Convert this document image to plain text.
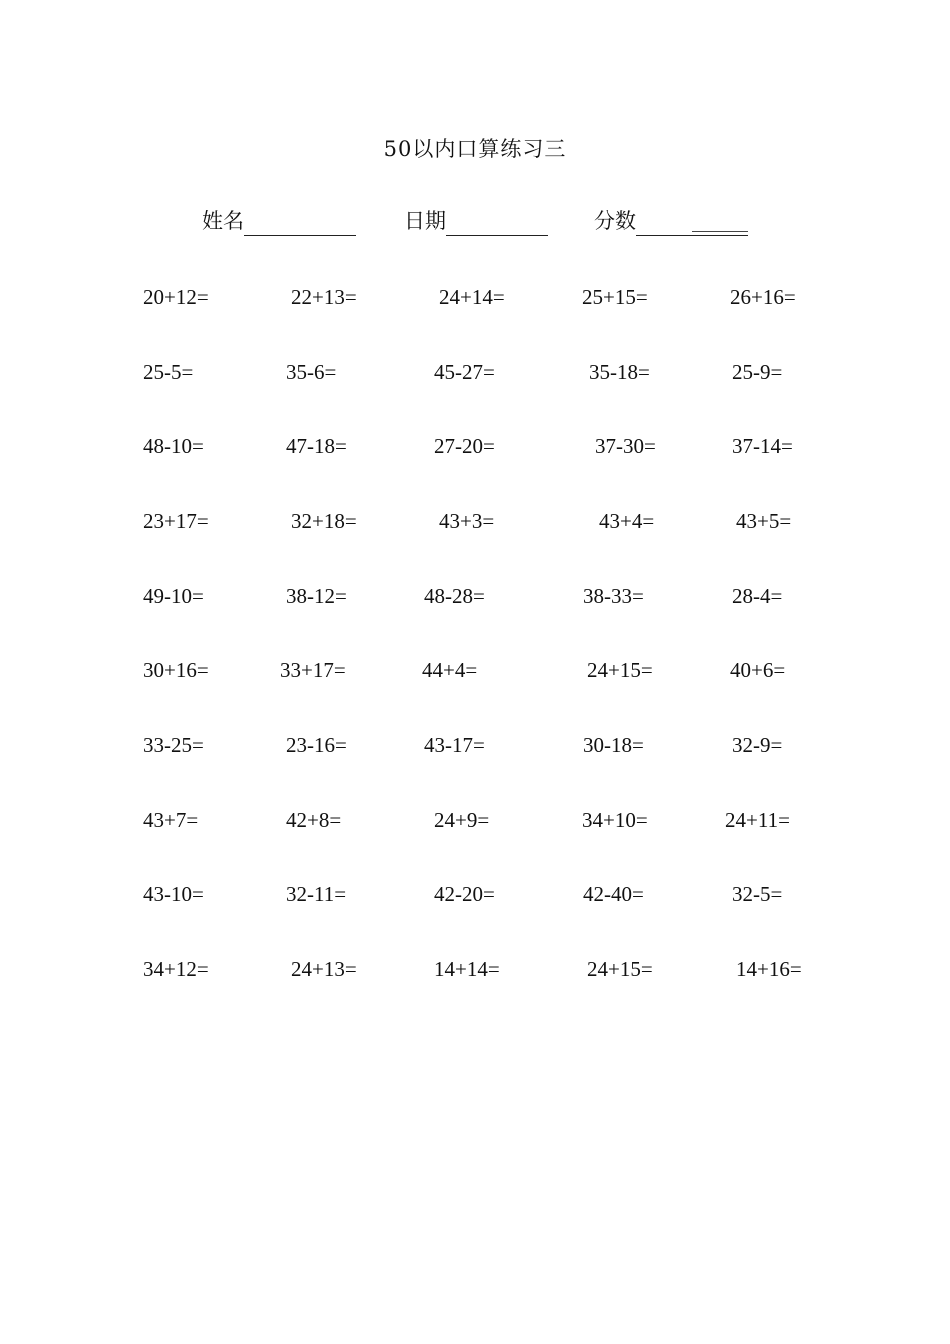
50以内口算练习三
姓名	日期	分数
20+12=	22+13=	24+14=	25+15=	26+16=
25-5=	35-6=	45-27=	35-18=	25-9=
48-10=	47-18=	27-20=	37-30=	37-14=
23+17=	32+18=	43+3=	43+4=	43+5=
49-10=	38-12=	48-28=	38-33=	28-4=
30+16=	33+17=	44+4=	24+15=	40+6=
33-25=	23-16=	43-17=	30-18=	32-9=
43+7=	42+8=	24+9=	34+10=	24+11=
43-10=	32-11=	42-20=	42-40=	32-5=
34+12=	24+13=	14+14=	24+15=	14+16=
